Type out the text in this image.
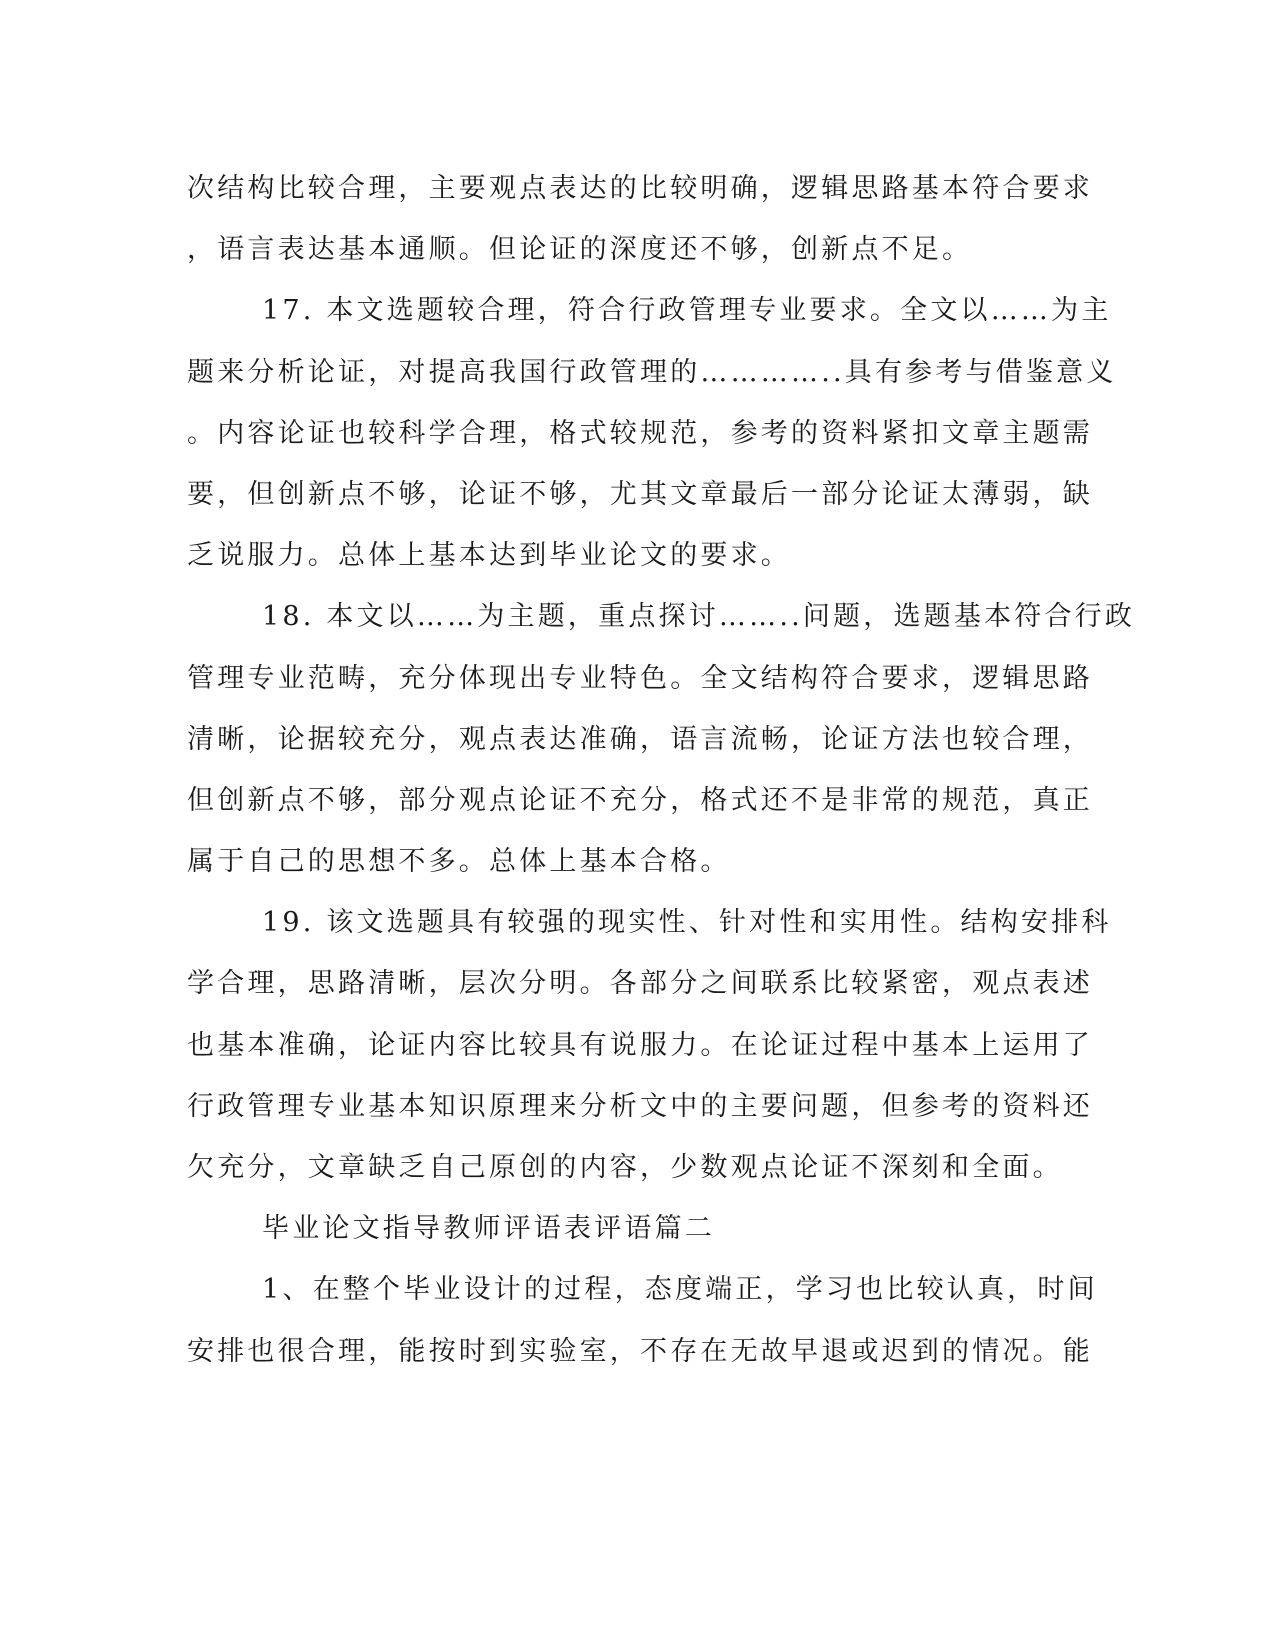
次结构比较合理，主要观点表达的比较明确，逻辑思路基本符合要求
，语言表达基本通顺。但论证的深度还不够，创新点不足。
17. 本文选题较合理，符合行政管理专业要求。全文以……为主
题来分析论证，对提高我国行政管理的…………..具有参考与借鉴意义
。内容论证也较科学合理，格式较规范，参考的资料紧扣文章主题需
要，但创新点不够，论证不够，尤其文章最后一部分论证太薄弱，缺
乏说服力。总体上基本达到毕业论文的要求。
18. 本文以……为主题，重点探讨……..问题，选题基本符合行政
管理专业范畴，充分体现出专业特色。全文结构符合要求，逻辑思路
清晰，论据较充分，观点表达准确，语言流畅，论证方法也较合理，
但创新点不够，部分观点论证不充分，格式还不是非常的规范，真正
属于自己的思想不多。总体上基本合格。
19. 该文选题具有较强的现实性、针对性和实用性。结构安排科
学合理，思路清晰，层次分明。各部分之间联系比较紧密，观点表述
也基本准确，论证内容比较具有说服力。在论证过程中基本上运用了
行政管理专业基本知识原理来分析文中的主要问题，但参考的资料还
欠充分，文章缺乏自己原创的内容，少数观点论证不深刻和全面。
毕业论文指导教师评语表评语篇二
1、在整个毕业设计的过程，态度端正，学习也比较认真，时间
安排也很合理，能按时到实验室，不存在无故早退或迟到的情况。能
